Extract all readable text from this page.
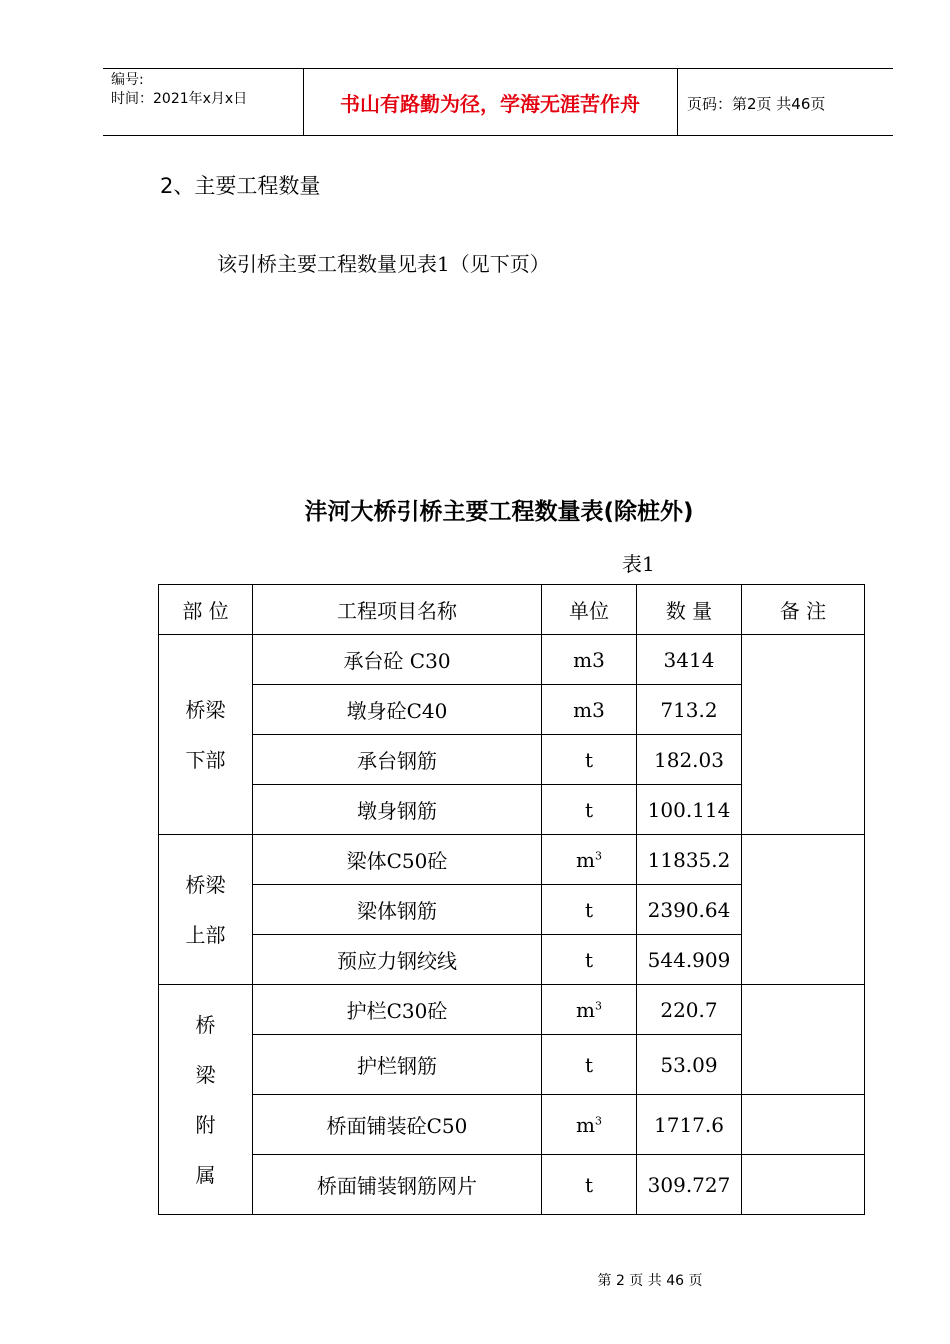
编号:
时间：2021年x月x日	书山有路勤为径，学海无涯苦作舟	页码：第2页 共46页
2、主要工程数量
该引桥主要工程数量见表1（见下页）
沣河大桥引桥主要工程数量表(除桩外)
表1
部 位	工程项目名称	单位	数 量	备 注

桥梁
下部	承台砼 C30	m3	3414	
	墩身砼C40	m3	713.2	
	承台钢筋	t	182.03	
	墩身钢筋	t	100.114	

桥梁
上部	梁体C50砼	$m^3$	11835.2	
	梁体钢筋	t	2390.64	
	预应力钢绞线	t	544.909	

桥
梁
附
属	护栏C30砼	$m^3$	220.7	
	护栏钢筋	t	53.09	
	桥面铺装砼C50	$m^3$	1717.6	
	桥面铺装钢筋网片	t	309.727	
第 2 页 共 46 页
